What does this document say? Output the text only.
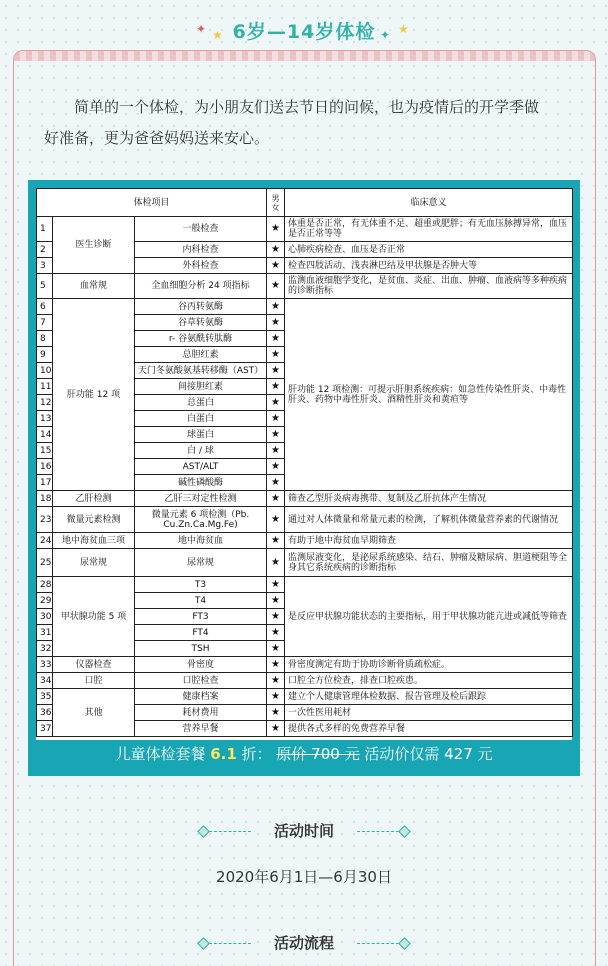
✦ ★ 6岁—14岁体检 ✦ ★
简单的一个体检，为小朋友们送去节日的问候，也为疫情后的开学季做
好准备，更为爸爸妈妈送来安心。
体检项目			男女	临床意义
1	医生诊断	一般检查	★	体重是否正常，有无体重不足、超重或肥胖；有无血压脉搏异常，血压是否正常等等
2		内科检查	★	心肺疾病检查、血压是否正常
3		外科检查	★	检查四肢活动、浅表淋巴结及甲状腺是否肿大等
5	血常规	全血细胞分析 24 项指标	★	监测血液细胞学变化，是贫血、炎症、出血、肿瘤、血液病等多种疾病的诊断指标
6	肝功能 12 项	谷丙转氨酶	★	肝功能 12 项检测：可提示肝胆系统疾病：如急性传染性肝炎、中毒性肝炎、药物中毒性肝炎、酒精性肝炎和黄疸等
7		谷草转氨酶	★	
8		r- 谷氨酰转肽酶	★	
9		总胆红素	★	
10		天门冬氨酸氨基转移酶（AST）	★	
11		间接胆红素	★	
12		总蛋白	★	
13		白蛋白	★	
14		球蛋白	★	
15		白 / 球	★	
16		AST/ALT	★	
17		碱性磷酸酶	★	
18	乙肝检测	乙肝三对定性检测	★	筛查乙型肝炎病毒携带、复制及乙肝抗体产生情况
23	微量元素检测	微量元素 6 项检测（Pb. Cu.Zn.Ca.Mg.Fe)	★	通过对人体微量和常量元素的检测，了解机体微量营养素的代谢情况
24	地中海贫血三项	地中海贫血	★	有助于地中海贫血早期筛查
25	尿常规	尿常规	★	监测尿液变化，是泌尿系统感染、结石、肿瘤及糖尿病、胆道梗阻等全身其它系统疾病的诊断指标
28	甲状腺功能 5 项	T3	★	是反应甲状腺功能状态的主要指标，用于甲状腺功能亢进或减低等筛查
29		T4	★	
30		FT3	★	
31		FT4	★	
32		TSH	★	
33	仪器检查	骨密度	★	骨密度测定有助于协助诊断骨质疏松症。
34	口腔	口腔检查	★	口腔全方位检查，排查口腔疾患。
35	其他	健康档案	★	建立个人健康管理体检数据、报告管理及检后跟踪
36		耗材费用	★	一次性医用耗材
37		营养早餐	★	提供各式多样的免费营养早餐
儿童体检套餐 6.1 折： 原价 700 元 活动价仅需 427 元
活动时间
2020年6月1日—6月30日
活动流程
